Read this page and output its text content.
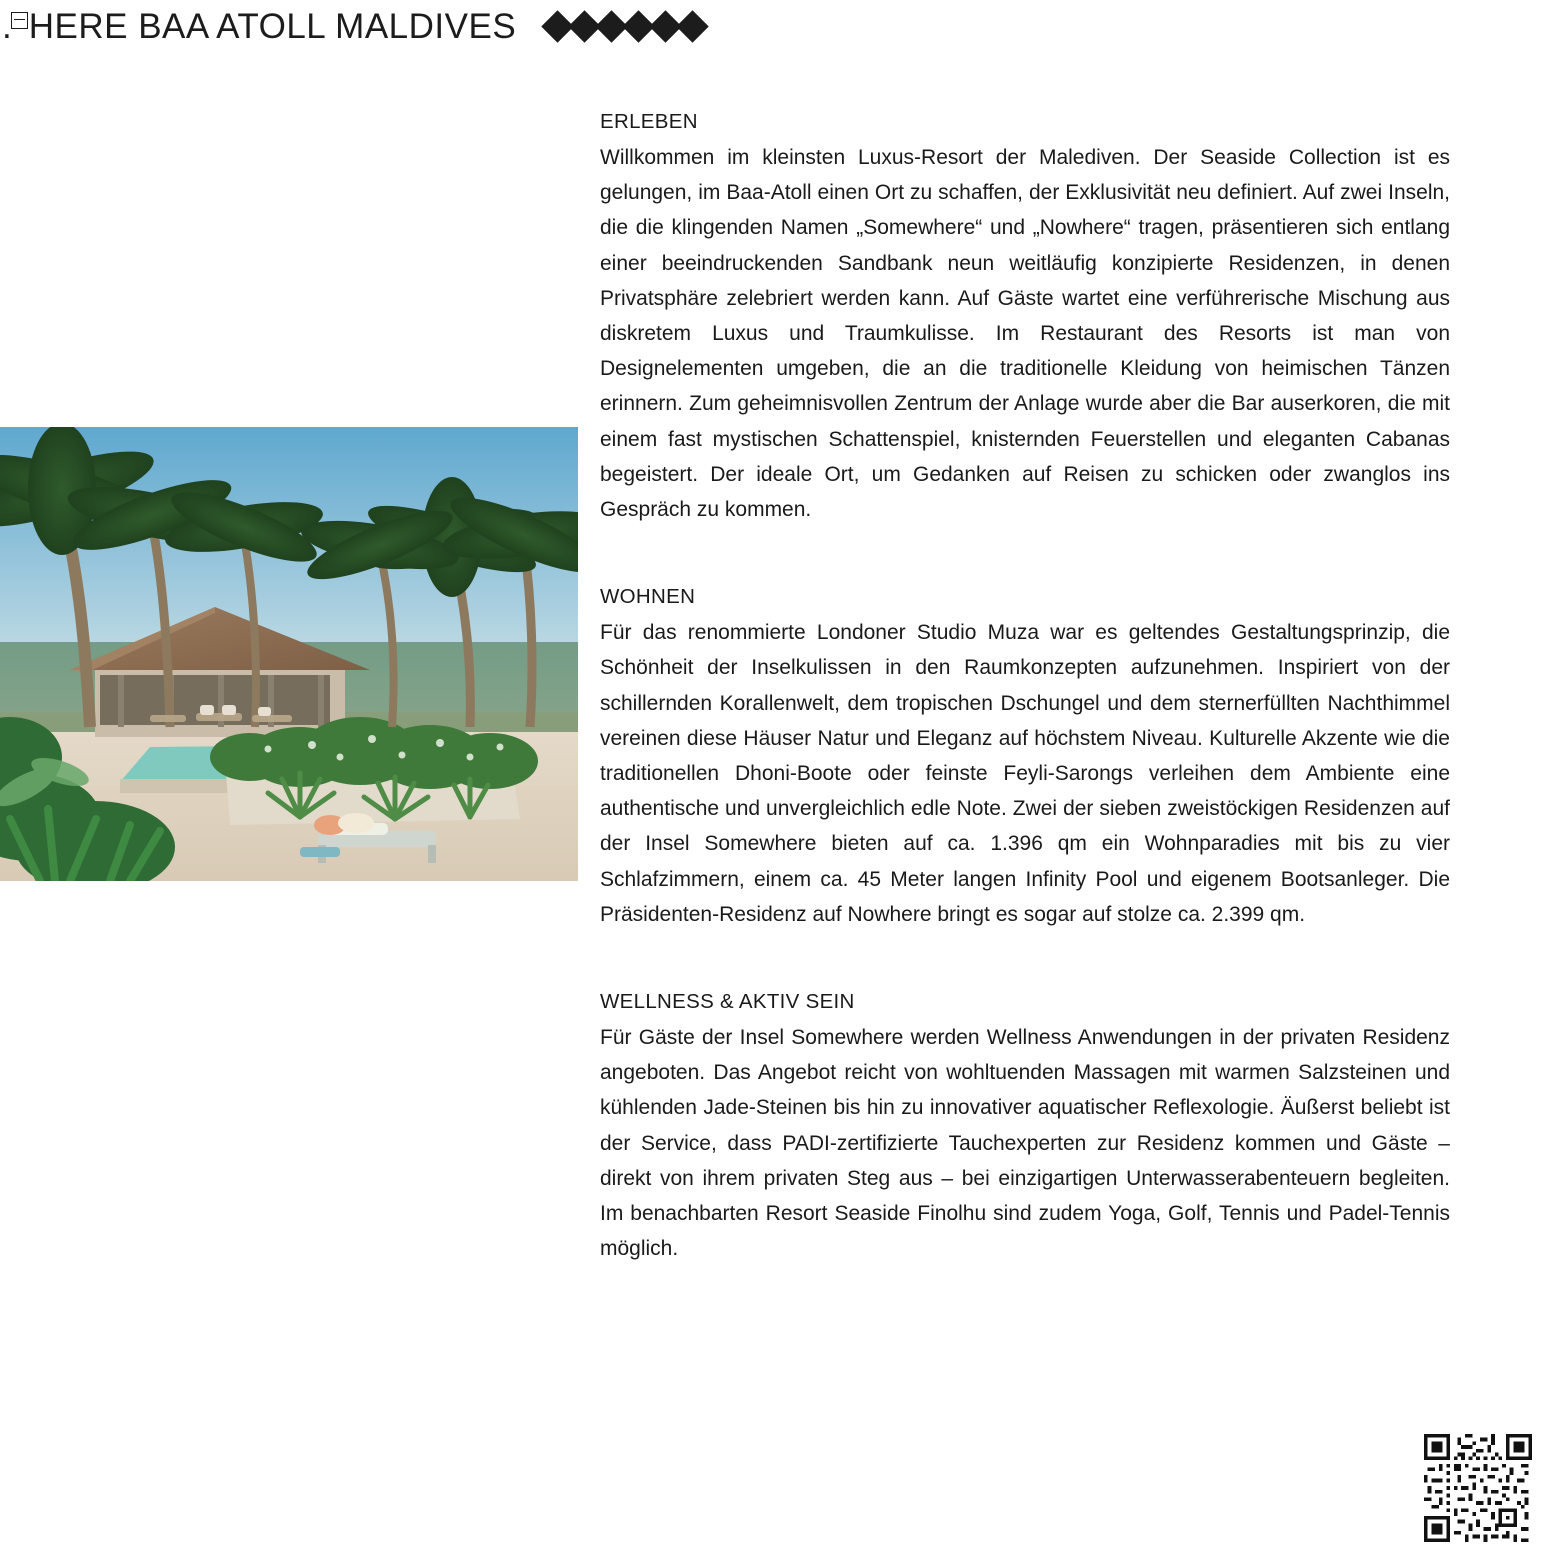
. HERE BAA ATOLL MALDIVES
ERLEBEN

Willkommen im kleinsten Luxus-Resort der Malediven. Der Seaside Collection ist es gelungen, im Baa-Atoll einen Ort zu schaffen, der Exklusivität neu definiert. Auf zwei Inseln, die die klingenden Namen „Somewhere“ und „Nowhere“ tragen, präsentieren sich entlang einer beeindruckenden Sandbank neun weitläufig konzipierte Residenzen, in denen Privatsphäre zelebriert werden kann. Auf Gäste wartet eine verführerische Mischung aus diskretem Luxus und Traumkulisse. Im Restaurant des Resorts ist man von Designelementen umgeben, die an die traditionelle Kleidung von heimischen Tänzen erinnern. Zum geheimnisvollen Zentrum der Anlage wurde aber die Bar auserkoren, die mit einem fast mystischen Schattenspiel, knisternden Feuerstellen und eleganten Cabanas begeistert. Der ideale Ort, um Gedanken auf Reisen zu schicken oder zwanglos ins Gespräch zu kommen.

WOHNEN

Für das renommierte Londoner Studio Muza war es geltendes Gestaltungsprinzip, die Schönheit der Inselkulissen in den Raumkonzepten aufzunehmen. Inspiriert von der schillernden Korallenwelt, dem tropischen Dschungel und dem sternerfüllten Nachthimmel vereinen diese Häuser Natur und Eleganz auf höchstem Niveau. Kulturelle Akzente wie die traditionellen Dhoni-Boote oder feinste Feyli-Sarongs verleihen dem Ambiente eine authentische und unvergleichlich edle Note. Zwei der sieben zweistöckigen Residenzen auf der Insel Somewhere bieten auf ca. 1.396 qm ein Wohnparadies mit bis zu vier Schlafzimmern, einem ca. 45 Meter langen Infinity Pool und eigenem Bootsanleger. Die Präsidenten-Residenz auf Nowhere bringt es sogar auf stolze ca. 2.399 qm.

WELLNESS & AKTIV SEIN

Für Gäste der Insel Somewhere werden Wellness Anwendungen in der privaten Residenz angeboten. Das Angebot reicht von wohltuenden Massagen mit warmen Salzsteinen und kühlenden Jade-Steinen bis hin zu innovativer aquatischer Reflexologie. Äußerst beliebt ist der Service, dass PADI-zertifizierte Tauchexperten zur Residenz kommen und Gäste – direkt von ihrem privaten Steg aus – bei einzigartigen Unterwasserabenteuern begleiten. Im benachbarten Resort Seaside Finolhu sind zudem Yoga, Golf, Tennis und Padel-Tennis möglich.
